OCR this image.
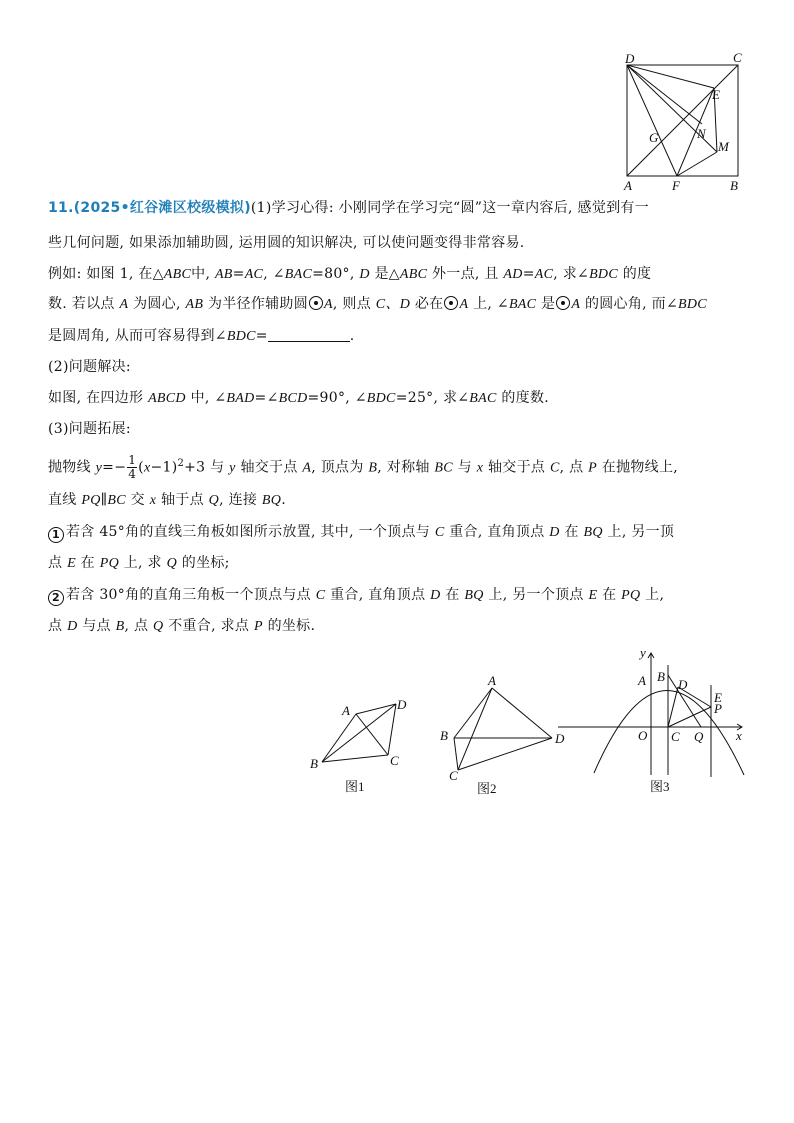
D	C
E
N
G
M
A	F	B
11.(2025•红谷滩区校级模拟)(1)学习心得: 小刚同学在学习完“圆”这一章内容后, 感觉到有一
些几何问题, 如果添加辅助圆, 运用圆的知识解决, 可以使问题变得非常容易.
例如: 如图 1, 在△ABC中, AB=AC, ∠BAC=80°, D 是△ABC 外一点, 且 AD=AC, 求∠BDC 的度
数. 若以点 A 为圆心, AB 为半径作辅助圆 A, 则点 C、D 必在 A 上, ∠BAC 是 A 的圆心角, 而∠BDC
是圆周角, 从而可容易得到∠BDC=	.
(2)问题解决:
如图, 在四边形 ABCD 中, ∠BAD=∠BCD=90°, ∠BDC=25°, 求∠BAC 的度数.
(3)问题拓展:
抛物线 $y=- \frac{1}{4} (x-1)^2+3$ 与 y 轴交于点 A, 顶点为 B, 对称轴 BC 与 x 轴交于点 C, 点 P 在抛物线上,
直线 PQ∥BC 交 x 轴于点 Q, 连接 BQ.
1 若含 45°角的直线三角板如图所示放置, 其中, 一个顶点与 C 重合, 直角顶点 D 在 BQ 上, 另一顶
点 E 在 PQ 上, 求 Q 的坐标;
2 若含 30°角的直角三角板一个顶点与点 C 重合, 直角顶点 D 在 BQ 上, 另一个顶点 E 在 PQ 上,
点 D 与点 B, 点 Q 不重合, 求点 P 的坐标.
A	D
B	C
图1
A
B	D
C
图2
y
A B
D
E
P
O C Q	x
图3
